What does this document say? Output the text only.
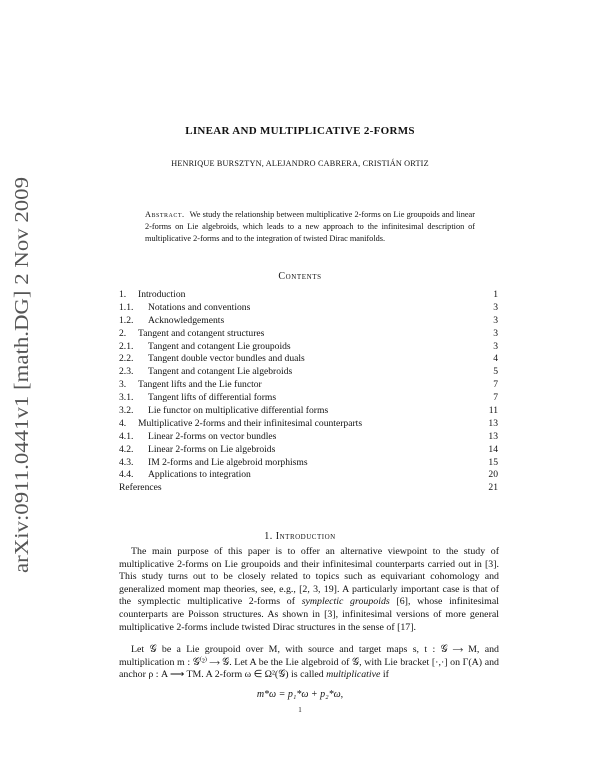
arXiv:0911.0441v1 [math.DG] 2 Nov 2009
LINEAR AND MULTIPLICATIVE 2-FORMS
HENRIQUE BURSZTYN, ALEJANDRO CABRERA, CRISTIÁN ORTIZ
Abstract. We study the relationship between multiplicative 2-forms on Lie groupoids and linear 2-forms on Lie algebroids, which leads to a new approach to the infinitesimal description of multiplicative 2-forms and to the integration of twisted Dirac manifolds.
Contents
1. Introduction	1
1.1. Notations and conventions	3
1.2. Acknowledgements	3
2. Tangent and cotangent structures	3
2.1. Tangent and cotangent Lie groupoids	3
2.2. Tangent double vector bundles and duals	4
2.3. Tangent and cotangent Lie algebroids	5
3. Tangent lifts and the Lie functor	7
3.1. Tangent lifts of differential forms	7
3.2. Lie functor on multiplicative differential forms	11
4. Multiplicative 2-forms and their infinitesimal counterparts	13
4.1. Linear 2-forms on vector bundles	13
4.2. Linear 2-forms on Lie algebroids	14
4.3. IM 2-forms and Lie algebroid morphisms	15
4.4. Applications to integration	20
References	21
1. Introduction

The main purpose of this paper is to offer an alternative viewpoint to the study of multiplicative 2-forms on Lie groupoids and their infinitesimal counterparts carried out in [3]. This study turns out to be closely related to topics such as equivariant cohomology and generalized moment map theories, see, e.g., [2, 3, 19]. A particularly important case is that of the symplectic multiplicative 2-forms of symplectic groupoids [6], whose infinitesimal counterparts are Poisson structures. As shown in [3], infinitesimal versions of more general multiplicative 2-forms include twisted Dirac structures in the sense of [17].

Let 𝒢 be a Lie groupoid over M, with source and target maps s, t : 𝒢 ⟶ M, and multiplication m : 𝒢⁽²⁾ ⟶ 𝒢. Let A be the Lie algebroid of 𝒢, with Lie bracket [·,·] on Γ(A) and anchor ρ : A ⟶ TM. A 2-form ω ∈ Ω²(𝒢) is called multiplicative if

m*ω = p₁*ω + p₂*ω,
1
